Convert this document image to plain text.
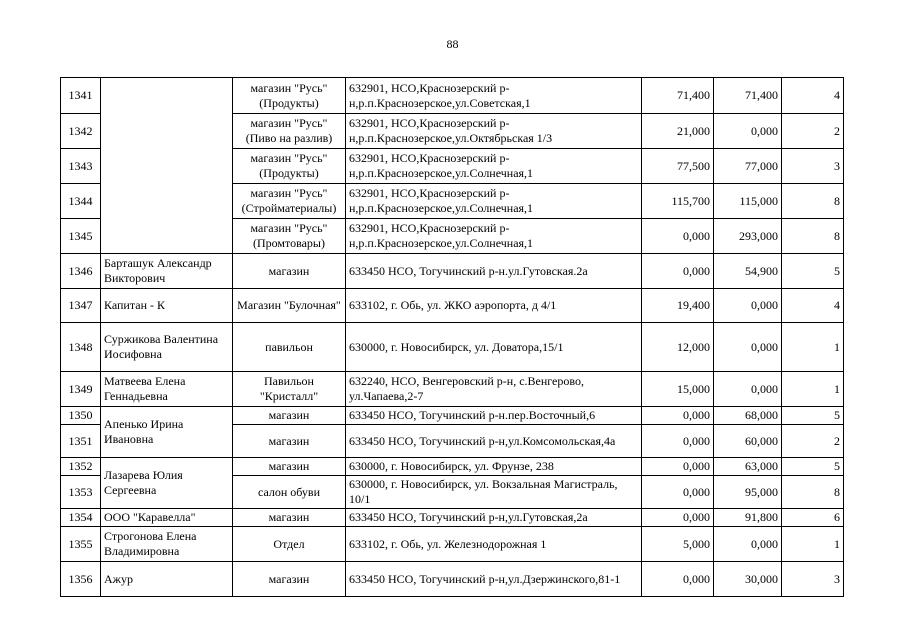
88
1341		магазин "Русь" (Продукты)	632901, НСО,Краснозерский р-н,р.п.Краснозерское,ул.Советская,1	71,400	71,400	4
1342		магазин "Русь" (Пиво на разлив)	632901, НСО,Краснозерский р-н,р.п.Краснозерское,ул.Октябрьская 1/3	21,000	0,000	2
1343		магазин "Русь" (Продукты)	632901, НСО,Краснозерский р-н,р.п.Краснозерское,ул.Солнечная,1	77,500	77,000	3
1344		магазин "Русь" (Стройматериалы)	632901, НСО,Краснозерский р-н,р.п.Краснозерское,ул.Солнечная,1	115,700	115,000	8
1345		магазин "Русь" (Промтовары)	632901, НСО,Краснозерский р-н,р.п.Краснозерское,ул.Солнечная,1	0,000	293,000	8
1346	Барташук Александр Викторович	магазин	633450 НСО, Тогучинский р-н.ул.Гутовская.2а	0,000	54,900	5
1347	Капитан - К	Магазин "Булочная"	633102, г. Обь, ул. ЖКО аэропорта, д 4/1	19,400	0,000	4
1348	Суржикова Валентина Иосифовна	павильон	630000, г. Новосибирск, ул. Доватора,15/1	12,000	0,000	1
1349	Матвеева Елена Геннадьевна	Павильон "Кристалл"	632240, НСО, Венгеровский р-н, с.Венгерово, ул.Чапаева,2-7	15,000	0,000	1
1350	Апенько Ирина Ивановна	магазин	633450 НСО, Тогучинский р-н.пер.Восточный,6	0,000	68,000	5
1351		магазин	633450 НСО, Тогучинский р-н,ул.Комсомольская,4а	0,000	60,000	2
1352	Лазарева Юлия Сергеевна	магазин	630000, г. Новосибирск, ул. Фрунзе, 238	0,000	63,000	5
1353		салон обуви	630000, г. Новосибирск, ул. Вокзальная Магистраль, 10/1	0,000	95,000	8
1354	ООО "Каравелла"	магазин	633450 НСО, Тогучинский р-н,ул.Гутовская,2а	0,000	91,800	6
1355	Строгонова Елена Владимировна	Отдел	633102, г. Обь, ул. Железнодорожная 1	5,000	0,000	1
1356	Ажур	магазин	633450 НСО, Тогучинский р-н,ул.Дзержинского,81-1	0,000	30,000	3
